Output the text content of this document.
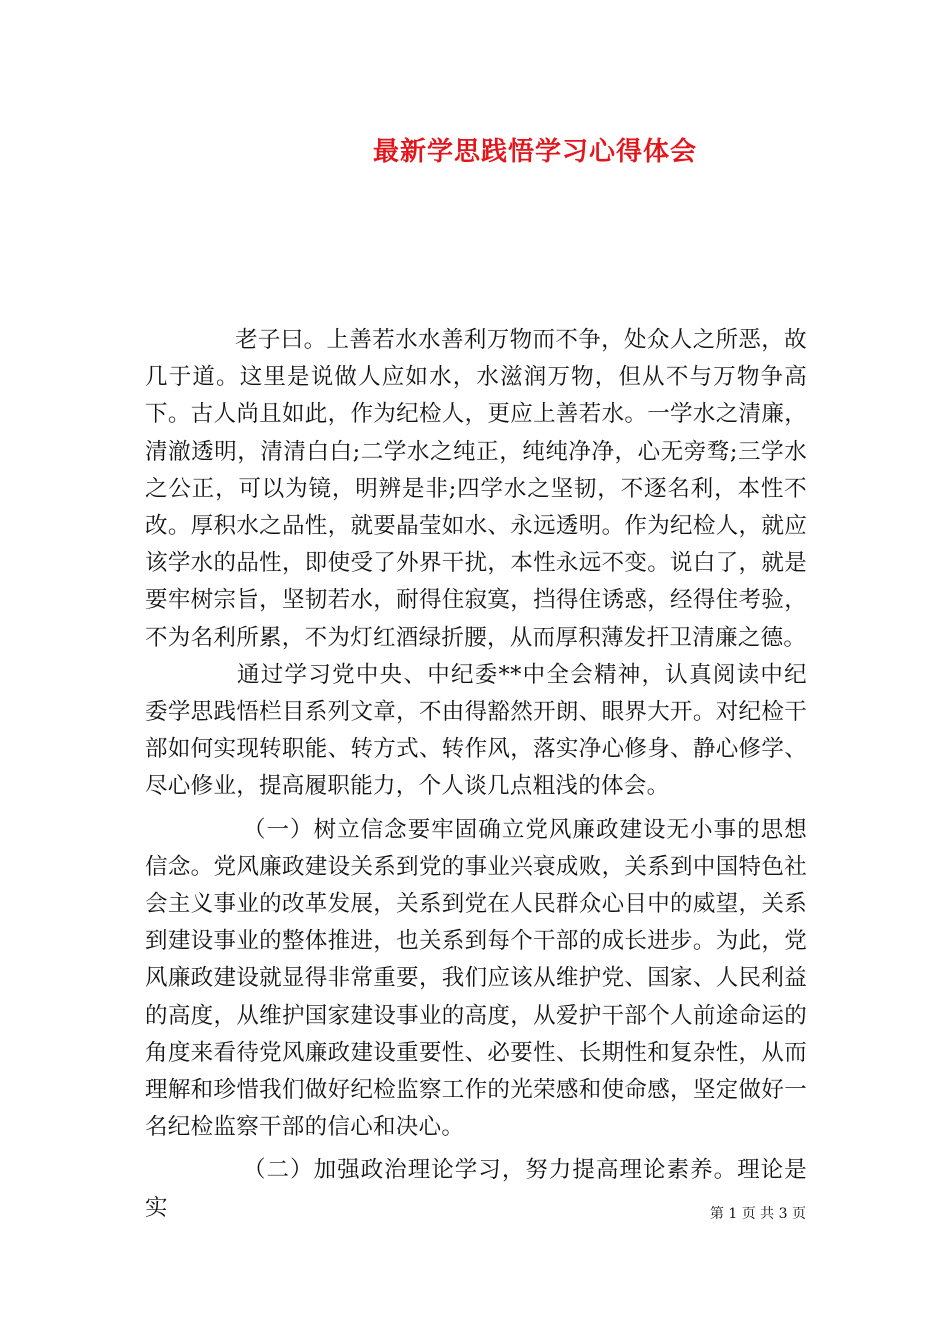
最新学思践悟学习心得体会

老子曰。上善若水水善利万物而不争，处众人之所恶，故几于道。这里是说做人应如水，水滋润万物，但从不与万物争高下。古人尚且如此，作为纪检人，更应上善若水。一学水之清廉，清澈透明，清清白白;二学水之纯正，纯纯净净，心无旁骛;三学水之公正，可以为镜，明辨是非;四学水之坚韧，不逐名利，本性不改。厚积水之品性，就要晶莹如水、永远透明。作为纪检人，就应该学水的品性，即使受了外界干扰，本性永远不变。说白了，就是要牢树宗旨，坚韧若水，耐得住寂寞，挡得住诱惑，经得住考验，不为名利所累，不为灯红酒绿折腰，从而厚积薄发扞卫清廉之德。

通过学习党中央、中纪委**中全会精神，认真阅读中纪委学思践悟栏目系列文章，不由得豁然开朗、眼界大开。对纪检干部如何实现转职能、转方式、转作风，落实净心修身、静心修学、尽心修业，提高履职能力，个人谈几点粗浅的体会。

（一）树立信念要牢固确立党风廉政建设无小事的思想信念。党风廉政建设关系到党的事业兴衰成败，关系到中国特色社会主义事业的改革发展，关系到党在人民群众心目中的威望，关系到建设事业的整体推进，也关系到每个干部的成长进步。为此，党风廉政建设就显得非常重要，我们应该从维护党、国家、人民利益的高度，从维护国家建设事业的高度，从爱护干部个人前途命运的角度来看待党风廉政建设重要性、必要性、长期性和复杂性，从而理解和珍惜我们做好纪检监察工作的光荣感和使命感，坚定做好一名纪检监察干部的信心和决心。

（二）加强政治理论学习，努力提高理论素养。理论是实	第 1 页 共 3 页
